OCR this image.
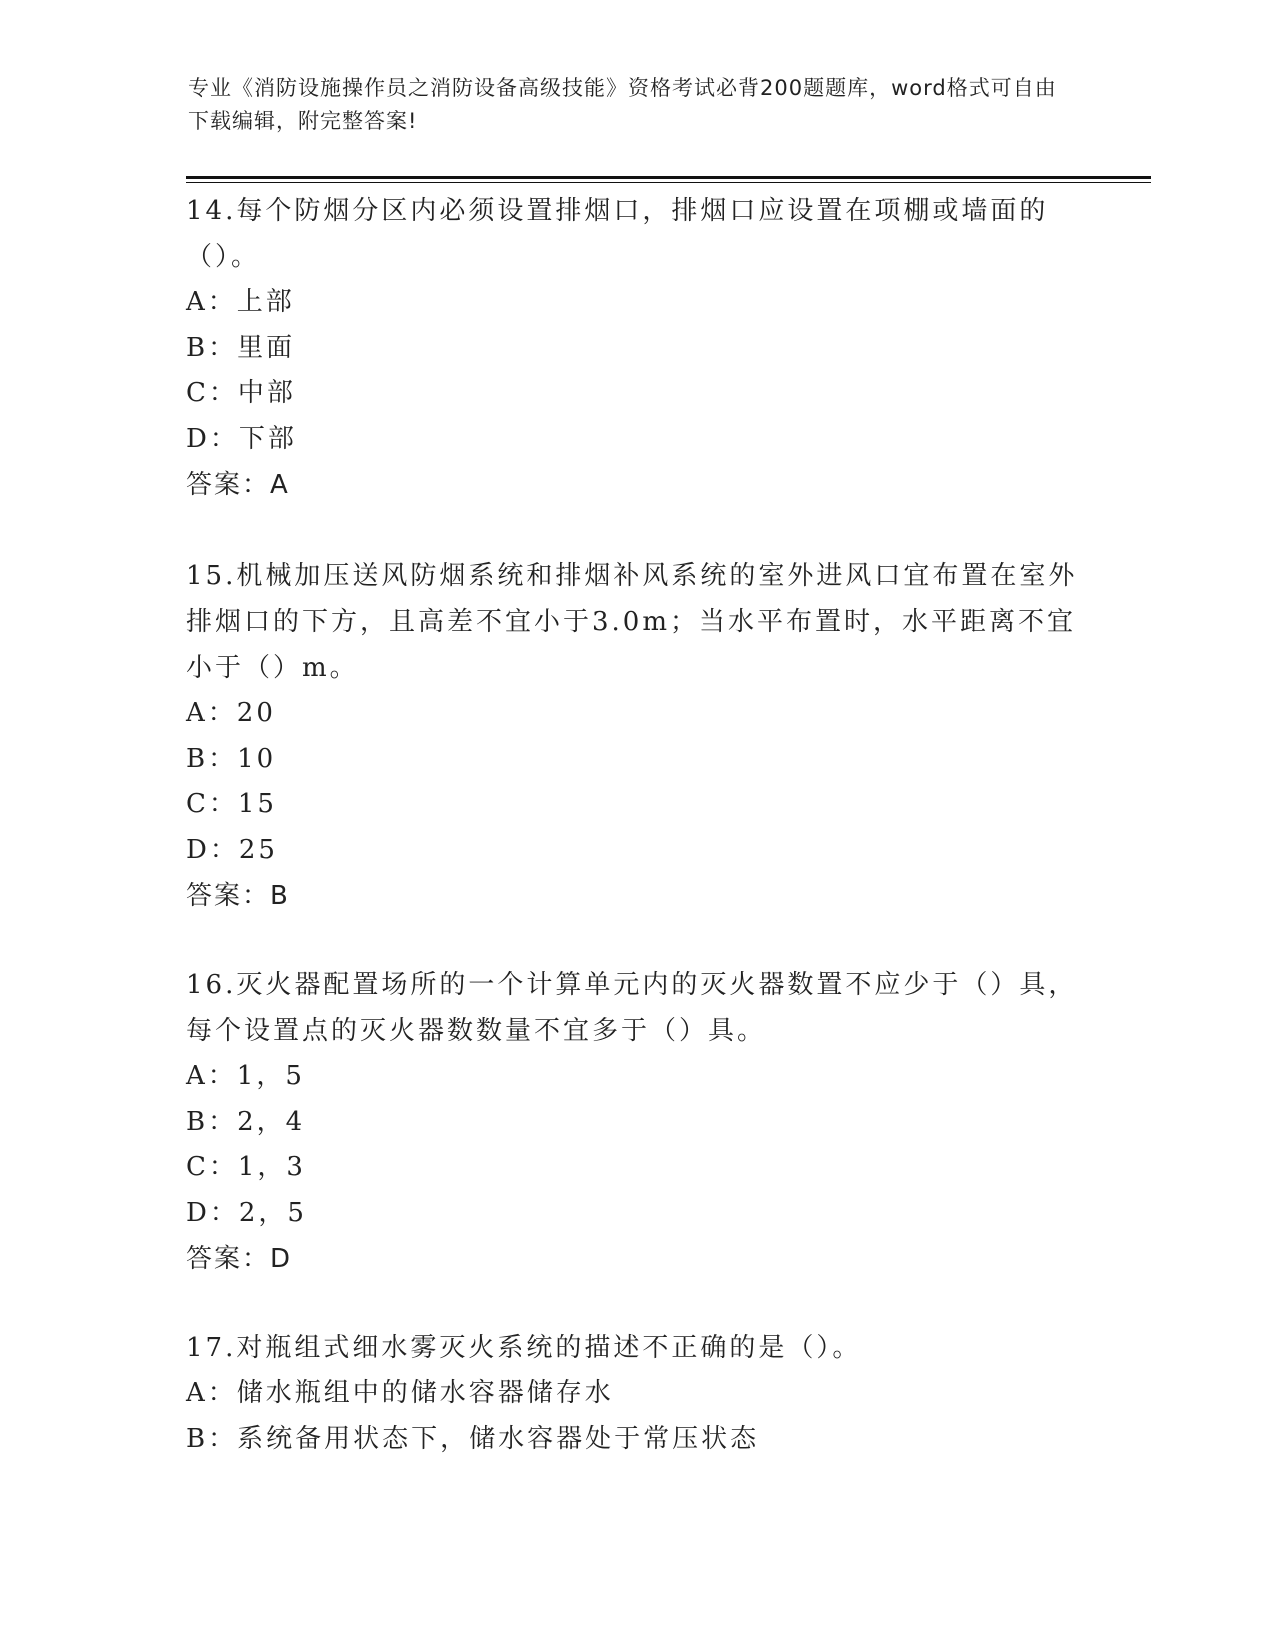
专业《消防设施操作员之消防设备高级技能》资格考试必背200题题库，word格式可自由下载编辑，附完整答案!

14.每个防烟分区内必须设置排烟口，排烟口应设置在项棚或墙面的（）。

A：上部

B：里面

C：中部

D：下部

答案：A

15.机械加压送风防烟系统和排烟补风系统的室外进风口宜布置在室外排烟口的下方，且高差不宜小于3.0m；当水平布置时，水平距离不宜小于（）m。

A：20

B：10

C：15

D：25

答案：B

16.灭火器配置场所的一个计算单元内的灭火器数置不应少于（）具，每个设置点的灭火器数数量不宜多于（）具。

A：1，5

B：2，4

C：1，3

D：2，5

答案：D

17.对瓶组式细水雾灭火系统的描述不正确的是（）。

A：储水瓶组中的储水容器储存水

B：系统备用状态下，储水容器处于常压状态
